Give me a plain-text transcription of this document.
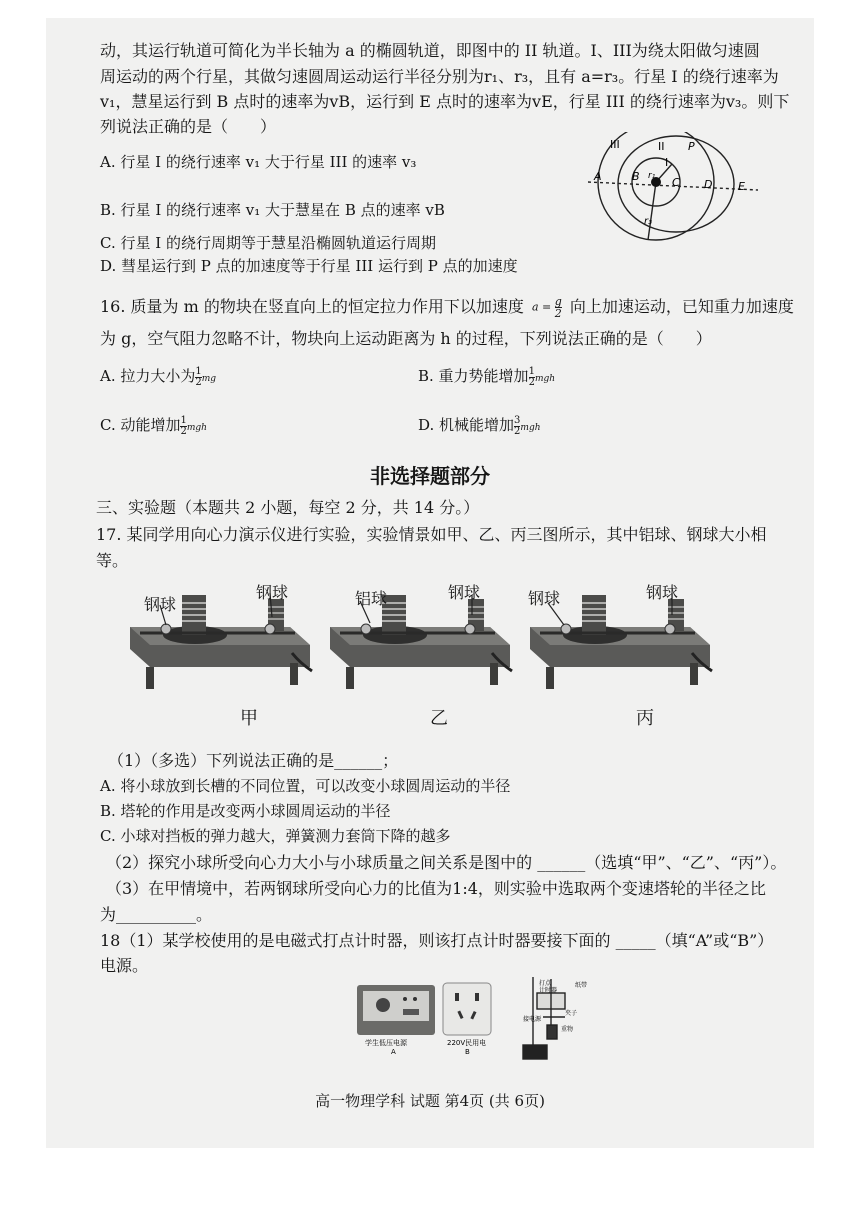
动，其运行轨道可简化为半长轴为 a 的椭圆轨道，即图中的 II 轨道。I、III为绕太阳做匀速圆
周运动的两个行星，其做匀速圆周运动运行半径分别为r₁、r₃，且有 a=r₃。行星 I 的绕行速率为
v₁，慧星运行到 B 点时的速率为vB，运行到 E 点时的速率为vE，行星 III 的绕行速率为v₃。则下
列说法正确的是（　　）
A. 行星 I 的绕行速率 v₁ 大于行星 III 的速率 v₃
B. 行星 I 的绕行速率 v₁ 大于慧星在 B 点的速率 vB
C. 行星 I 的绕行周期等于慧星沿椭圆轨道运行周期
D. 彗星运行到 P 点的加速度等于行星 III 运行到 P 点的加速度
III	II P
I
r₁
A	B	C D E
r₃
16. 质量为 m 的物块在竖直向上的恒定拉力作用下以加速度 $a = \frac{g}{2}$ 向上加速运动，已知重力加速度
为 g，空气阻力忽略不计，物块向上运动距离为 h 的过程，下列说法正确的是（　　）
A. 拉力大小为 $\frac{1}{2}$ mg	B. 重力势能增加 $\frac{1}{2}$ mgh
C. 动能增加 $\frac{1}{2}$ mgh	D. 机械能增加 $\frac{3}{2}$ mgh
非选择题部分
三、实验题（本题共 2 小题，每空 2 分，共 14 分。）
17. 某同学用向心力演示仪进行实验，实验情景如甲、乙、丙三图所示，其中铝球、钢球大小相
等。
钢球
钢球	铝球	钢球	钢球	钢球
甲	乙	丙
（1）（多选）下列说法正确的是______；
A. 将小球放到长槽的不同位置，可以改变小球圆周运动的半径
B. 塔轮的作用是改变两小球圆周运动的半径
C. 小球对挡板的弹力越大，弹簧测力套筒下降的越多
（2）探究小球所受向心力大小与小球质量之间关系是图中的 ______（选填“甲”、“乙”、“丙”）。
（3）在甲情境中，若两钢球所受向心力的比值为1:4，则实验中选取两个变速塔轮的半径之比
为__________。
18（1）某学校使用的是电磁式打点计时器，则该打点计时器要接下面的 _____（填“A”或“B”）
电源。
打点
计时器
纸带
夹子
接电源
重物
学生低压电源
A
220V民用电
B
高一物理学科 试题 第4页 (共 6页)
